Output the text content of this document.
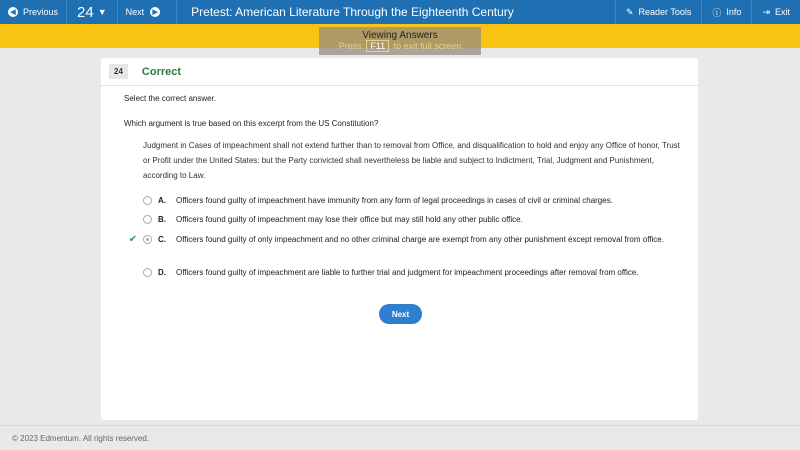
◀ Previous 24 ▼ Next	▶	Pretest: American Literature Through the Eighteenth Century	✎ Reader Tools ⓘ Info ⇥ Exit
Viewing Answers
Press F11 to exit full screen
24	Correct
Select the correct answer.
Which argument is true based on this excerpt from the US Constitution?
Judgment in Cases of impeachment shall not extend further than to removal from Office, and disqualification to hold and enjoy any Office of honor, Trust or Profit under the United States: but the Party convicted shall nevertheless be liable and subject to Indictment, Trial, Judgment and Punishment, according to Law.
A.	Officers found guilty of impeachment have immunity from any form of legal proceedings in cases of civil or criminal charges.
B.	Officers found guilty of impeachment may lose their office but may still hold any other public office.
✔	C.	Officers found guilty of only impeachment and no other criminal charge are exempt from any other punishment except removal from office.
D.	Officers found guilty of impeachment are liable to further trial and judgment for impeachment proceedings after removal from office.
Next
© 2023 Edmentum. All rights reserved.
